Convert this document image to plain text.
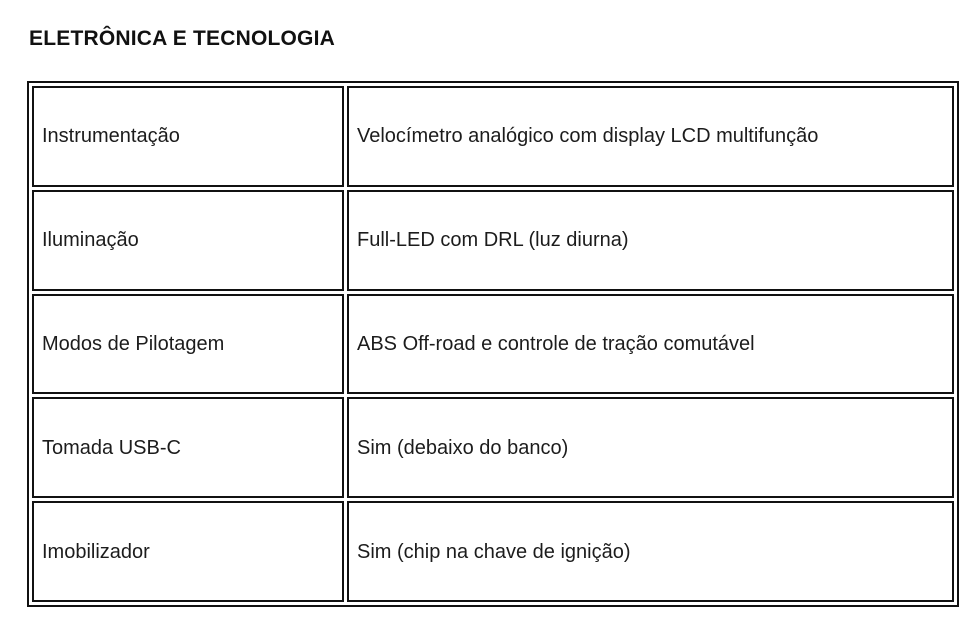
ELETRÔNICA E TECNOLOGIA
Instrumentação	Velocímetro analógico com display LCD multifunção
Iluminação	Full-LED com DRL (luz diurna)
Modos de Pilotagem	ABS Off-road e controle de tração comutável
Tomada USB-C	Sim (debaixo do banco)
Imobilizador	Sim (chip na chave de ignição)
